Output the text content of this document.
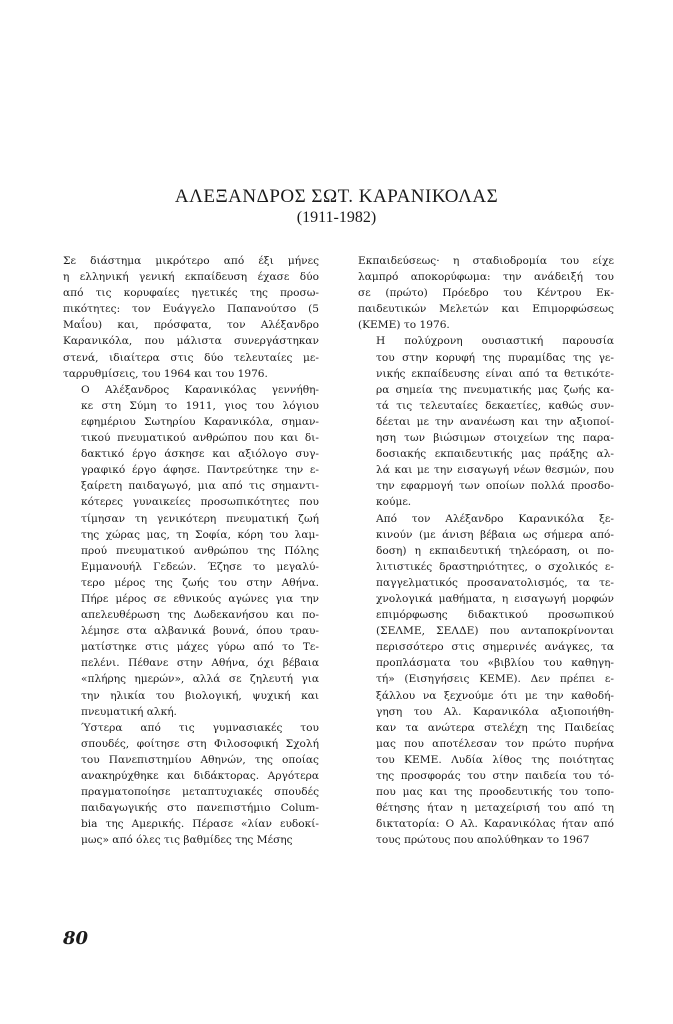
ΑΛΕΞΑΝΔΡΟΣ ΣΩΤ. ΚΑΡΑΝΙΚΟΛΑΣ
(1911-1982)

Σε διάστημα μικρότερο από έξι μήνες
η ελληνική γενική εκπαίδευση έχασε δύο
από τις κορυφαίες ηγετικές της προσω-
πικότητες: τον Ευάγγελο Παπανούτσο (5
Μαΐου) και, πρόσφατα, τον Αλέξανδρο
Καρανικόλα, που μάλιστα συνεργάστηκαν
στενά, ιδιαίτερα στις δύο τελευταίες με-
ταρρυθμίσεις, του 1964 και του 1976.

Ο Αλέξανδρος Καρανικόλας γεννήθη-
κε στη Σύμη το 1911, γιος του λόγιου
εφημέριου Σωτηρίου Καρανικόλα, σημαν-
τικού πνευματικού ανθρώπου που και δι-
δακτικό έργο άσκησε και αξιόλογο συγ-
γραφικό έργο άφησε. Παντρεύτηκε την ε-
ξαίρετη παιδαγωγό, μια από τις σημαντι-
κότερες γυναικείες προσωπικότητες που
τίμησαν τη γενικότερη πνευματική ζωή
της χώρας μας, τη Σοφία, κόρη του λαμ-
πρού πνευματικού ανθρώπου της Πόλης
Εμμανουήλ Γεδεών. Έζησε το μεγαλύ-
τερο μέρος της ζωής του στην Αθήνα.
Πήρε μέρος σε εθνικούς αγώνες για την
απελευθέρωση της Δωδεκανήσου και πο-
λέμησε στα αλβανικά βουνά, όπου τραυ-
ματίστηκε στις μάχες γύρω από το Τε-
πελένι. Πέθανε στην Αθήνα, όχι βέβαια
«πλήρης ημερών», αλλά σε ζηλευτή για
την ηλικία του βιολογική, ψυχική και
πνευματική αλκή.

Ύστερα από τις γυμνασιακές του
σπουδές, φοίτησε στη Φιλοσοφική Σχολή
του Πανεπιστημίου Αθηνών, της οποίας
ανακηρύχθηκε και διδάκτορας. Αργότερα
πραγματοποίησε μεταπτυχιακές σπουδές
παιδαγωγικής στο πανεπιστήμιο Colum-
bia της Αμερικής. Πέρασε «λίαν ευδοκί-
μως» από όλες τις βαθμίδες της Μέσης

Εκπαιδεύσεως· η σταδιοδρομία του είχε
λαμπρό αποκορύφωμα: την ανάδειξή του
σε (πρώτο) Πρόεδρο του Κέντρου Εκ-
παιδευτικών Μελετών και Επιμορφώσεως
(ΚΕΜΕ) το 1976.

Η πολύχρονη ουσιαστική παρουσία
του στην κορυφή της πυραμίδας της γε-
νικής εκπαίδευσης είναι από τα θετικότε-
ρα σημεία της πνευματικής μας ζωής κα-
τά τις τελευταίες δεκαετίες, καθώς συν-
δέεται με την ανανέωση και την αξιοποί-
ηση των βιώσιμων στοιχείων της παρα-
δοσιακής εκπαιδευτικής μας πράξης αλ-
λά και με την εισαγωγή νέων θεσμών, που
την εφαρμογή των οποίων πολλά προσδο-
κούμε.

Από τον Αλέξανδρο Καρανικόλα ξε-
κινούν (με άνιση βέβαια ως σήμερα από-
δοση) η εκπαιδευτική τηλεόραση, οι πο-
λιτιστικές δραστηριότητες, ο σχολικός ε-
παγγελματικός προσανατολισμός, τα τε-
χνολογικά μαθήματα, η εισαγωγή μορφών
επιμόρφωσης διδακτικού προσωπικού
(ΣΕΛΜΕ, ΣΕΛΔΕ) που ανταποκρίνονται
περισσότερο στις σημερινές ανάγκες, τα
προπλάσματα του «βιβλίου του καθηγη-
τή» (Εισηγήσεις ΚΕΜΕ). Δεν πρέπει ε-
ξάλλου να ξεχνούμε ότι με την καθοδή-
γηση του Αλ. Καρανικόλα αξιοποιήθη-
καν τα ανώτερα στελέχη της Παιδείας
μας που αποτέλεσαν τον πρώτο πυρήνα
του ΚΕΜΕ. Λυδία λίθος της ποιότητας
της προσφοράς του στην παιδεία του τό-
που μας και της προοδευτικής του τοπο-
θέτησης ήταν η μεταχείρισή του από τη
δικτατορία: Ο Αλ. Καρανικόλας ήταν από
τους πρώτους που απολύθηκαν το 1967

80
